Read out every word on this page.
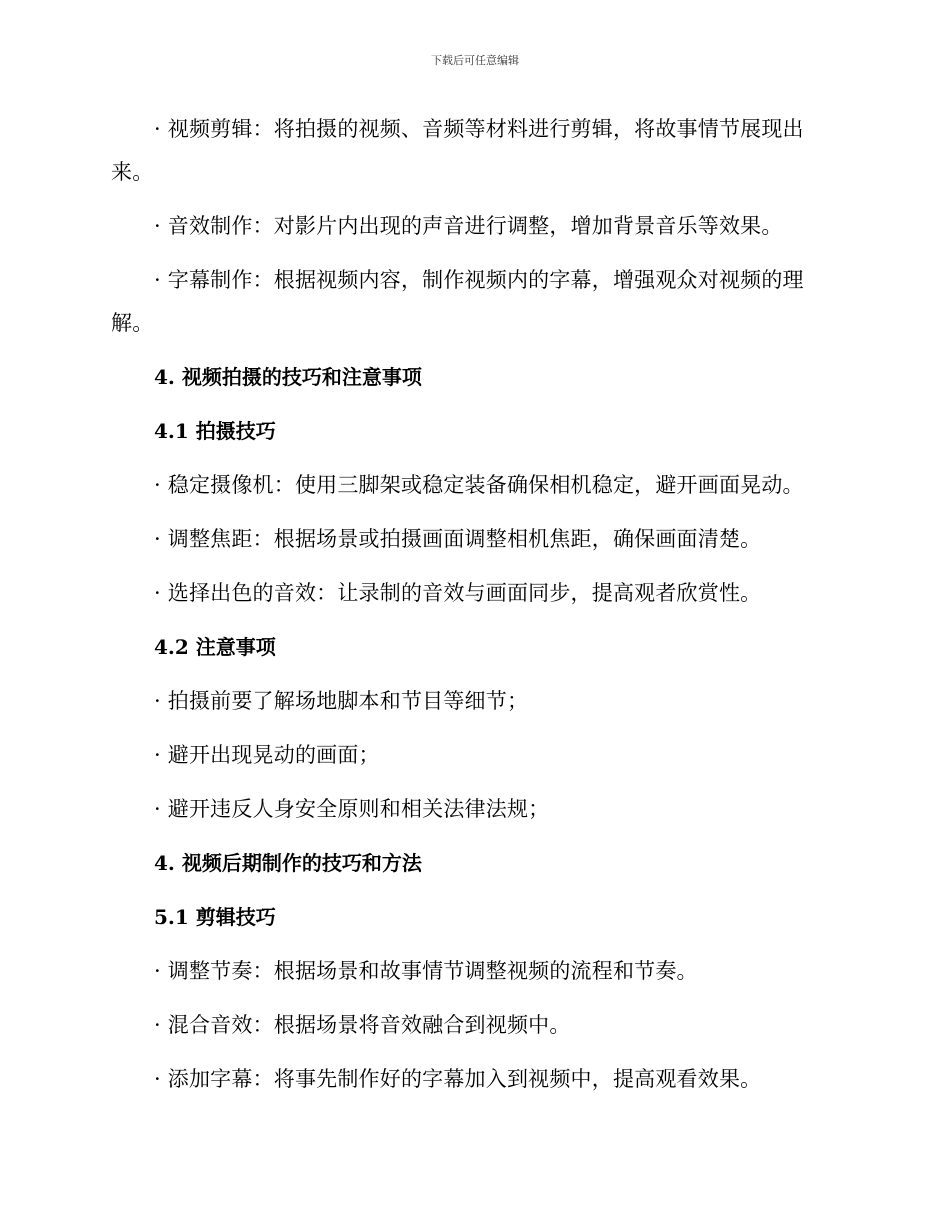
下载后可任意编辑

· 视频剪辑：将拍摄的视频、音频等材料进行剪辑，将故事情节展现出来。

· 音效制作：对影片内出现的声音进行调整，增加背景音乐等效果。

· 字幕制作：根据视频内容，制作视频内的字幕，增强观众对视频的理解。

4. 视频拍摄的技巧和注意事项
4.1 拍摄技巧
· 稳定摄像机：使用三脚架或稳定装备确保相机稳定，避开画面晃动。
· 调整焦距：根据场景或拍摄画面调整相机焦距，确保画面清楚。
· 选择出色的音效：让录制的音效与画面同步，提高观者欣赏性。
4.2 注意事项
· 拍摄前要了解场地脚本和节目等细节；
· 避开出现晃动的画面；
· 避开违反人身安全原则和相关法律法规；
4. 视频后期制作的技巧和方法
5.1 剪辑技巧
· 调整节奏：根据场景和故事情节调整视频的流程和节奏。
· 混合音效：根据场景将音效融合到视频中。
· 添加字幕：将事先制作好的字幕加入到视频中，提高观看效果。
